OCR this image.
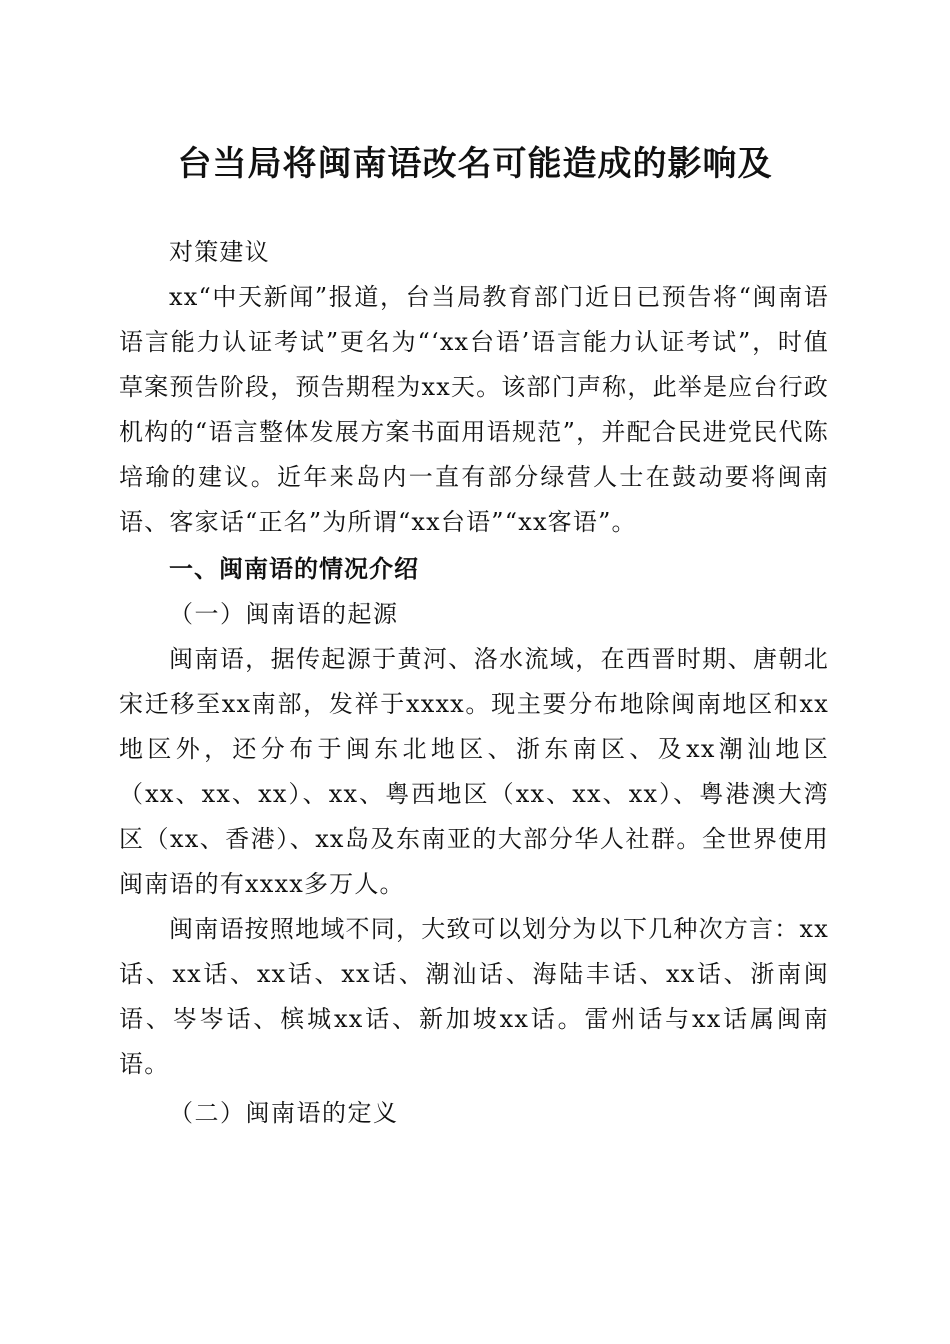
台当局将闽南语改名可能造成的影响及

对策建议

xx“中天新闻”报道，台当局教育部门近日已预告将“闽南语语言能力认证考试”更名为“‘xx台语’语言能力认证考试”，时值草案预告阶段，预告期程为xx天。该部门声称，此举是应台行政机构的“语言整体发展方案书面用语规范”，并配合民进党民代陈培瑜的建议。近年来岛内一直有部分绿营人士在鼓动要将闽南语、客家话“正名”为所谓“xx台语”“xx客语”。

一、闽南语的情况介绍

（一）闽南语的起源

闽南语，据传起源于黄河、洛水流域，在西晋时期、唐朝北宋迁移至xx南部，发祥于xxxx。现主要分布地除闽南地区和xx地区外，还分布于闽东北地区、浙东南区、及xx潮汕地区（xx、xx、xx）、xx、粤西地区（xx、xx、xx）、粤港澳大湾区（xx、香港）、xx岛及东南亚的大部分华人社群。全世界使用闽南语的有xxxx多万人。

闽南语按照地域不同，大致可以划分为以下几种次方言：xx话、xx话、xx话、xx话、潮汕话、海陆丰话、xx话、浙南闽语、岑岑话、槟城xx话、新加坡xx话。雷州话与xx话属闽南语。

（二）闽南语的定义
